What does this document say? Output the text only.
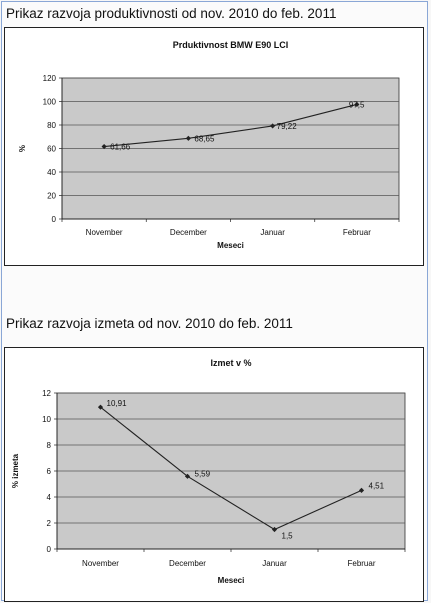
Prikaz razvoja produktivnosti od nov. 2010 do feb. 2011
Prduktivnost BMW E90 LCI
0
20
40
60
80
100
120
November	December	Januar	Februar
Meseci
%	61,66
68,65
79,22
97,5
Prikaz razvoja izmeta od nov. 2010 do feb. 2011
Izmet v %
0
2
4
6
8
10
12
November	December	Januar	Februar
Meseci
% izmeta
10,91
5,59
1,5
4,51
